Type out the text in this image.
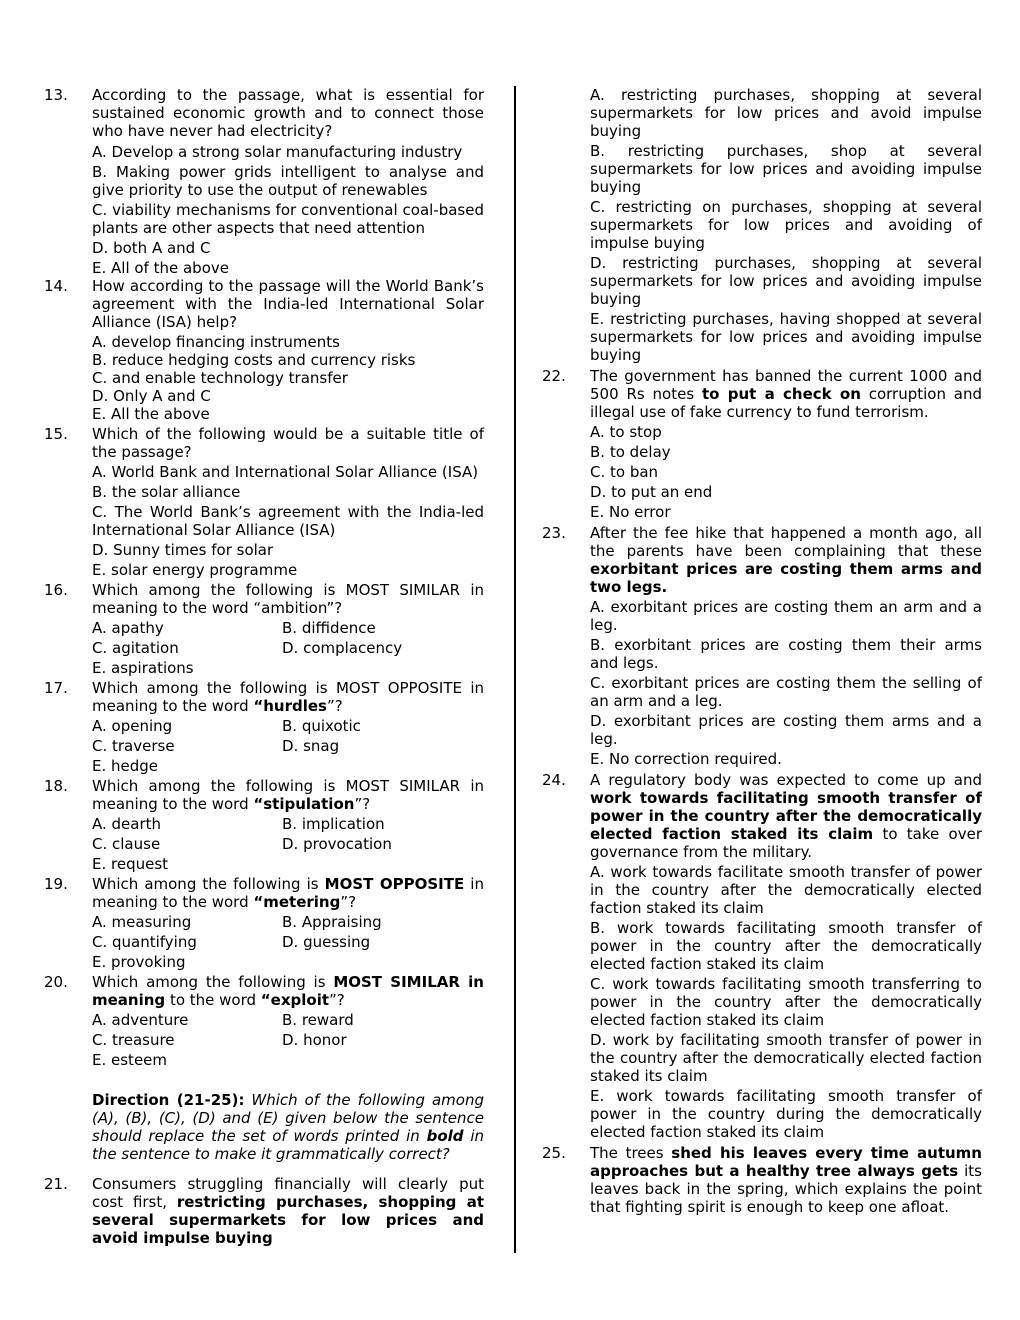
13.	According to the passage, what is essential for sustained economic growth and to connect those who have never had electricity?
A. Develop a strong solar manufacturing industry
B. Making power grids intelligent to analyse and give priority to use the output of renewables
C. viability mechanisms for conventional coal-based plants are other aspects that need attention
D. both A and C
E. All of the above
14.	How according to the passage will the World Bank’s agreement with the India-led International Solar Alliance (ISA) help?
A. develop financing instruments
B. reduce hedging costs and currency risks
C. and enable technology transfer
D. Only A and C
E. All the above
15.	Which of the following would be a suitable title of the passage?
A. World Bank and International Solar Alliance (ISA)
B. the solar alliance
C. The World Bank’s agreement with the India-led International Solar Alliance (ISA)
D. Sunny times for solar
E. solar energy programme
16.	Which among the following is MOST SIMILAR in meaning to the word “ambition”?
A. apathy	B. diffidence
C. agitation	D. complacency
E. aspirations
17.	Which among the following is MOST OPPOSITE in meaning to the word “hurdles”?
A. opening	B. quixotic
C. traverse	D. snag
E. hedge
18.	Which among the following is MOST SIMILAR in meaning to the word “stipulation”?
A. dearth	B. implication
C. clause	D. provocation
E. request
19.	Which among the following is MOST OPPOSITE in meaning to the word “metering”?
A. measuring	B. Appraising
C. quantifying	D. guessing
E. provoking
20.	Which among the following is MOST SIMILAR in meaning to the word “exploit”?
A. adventure	B. reward
C. treasure	D. honor
E. esteem
Direction (21-25): Which of the following among (A), (B), (C), (D) and (E) given below the sentence should replace the set of words printed in bold in the sentence to make it grammatically correct?
21.	Consumers struggling financially will clearly put cost first, restricting purchases, shopping at several supermarkets for low prices and avoid impulse buying
A. restricting purchases, shopping at several supermarkets for low prices and avoid impulse buying
B. restricting purchases, shop at several supermarkets for low prices and avoiding impulse buying
C. restricting on purchases, shopping at several supermarkets for low prices and avoiding of impulse buying
D. restricting purchases, shopping at several supermarkets for low prices and avoiding impulse buying
E. restricting purchases, having shopped at several supermarkets for low prices and avoiding impulse buying
22.	The government has banned the current 1000 and 500 Rs notes to put a check on corruption and illegal use of fake currency to fund terrorism.
A. to stop
B. to delay
C. to ban
D. to put an end
E. No error
23.	After the fee hike that happened a month ago, all the parents have been complaining that these exorbitant prices are costing them arms and two legs.
A. exorbitant prices are costing them an arm and a leg.
B. exorbitant prices are costing them their arms and legs.
C. exorbitant prices are costing them the selling of an arm and a leg.
D. exorbitant prices are costing them arms and a leg.
E. No correction required.
24.	A regulatory body was expected to come up and work towards facilitating smooth transfer of power in the country after the democratically elected faction staked its claim to take over governance from the military.
A. work towards facilitate smooth transfer of power in the country after the democratically elected faction staked its claim
B. work towards facilitating smooth transfer of power in the country after the democratically elected faction staked its claim
C. work towards facilitating smooth transferring to power in the country after the democratically elected faction staked its claim
D. work by facilitating smooth transfer of power in the country after the democratically elected faction staked its claim
E. work towards facilitating smooth transfer of power in the country during the democratically elected faction staked its claim
25.	The trees shed his leaves every time autumn approaches but a healthy tree always gets its leaves back in the spring, which explains the point that fighting spirit is enough to keep one afloat.
